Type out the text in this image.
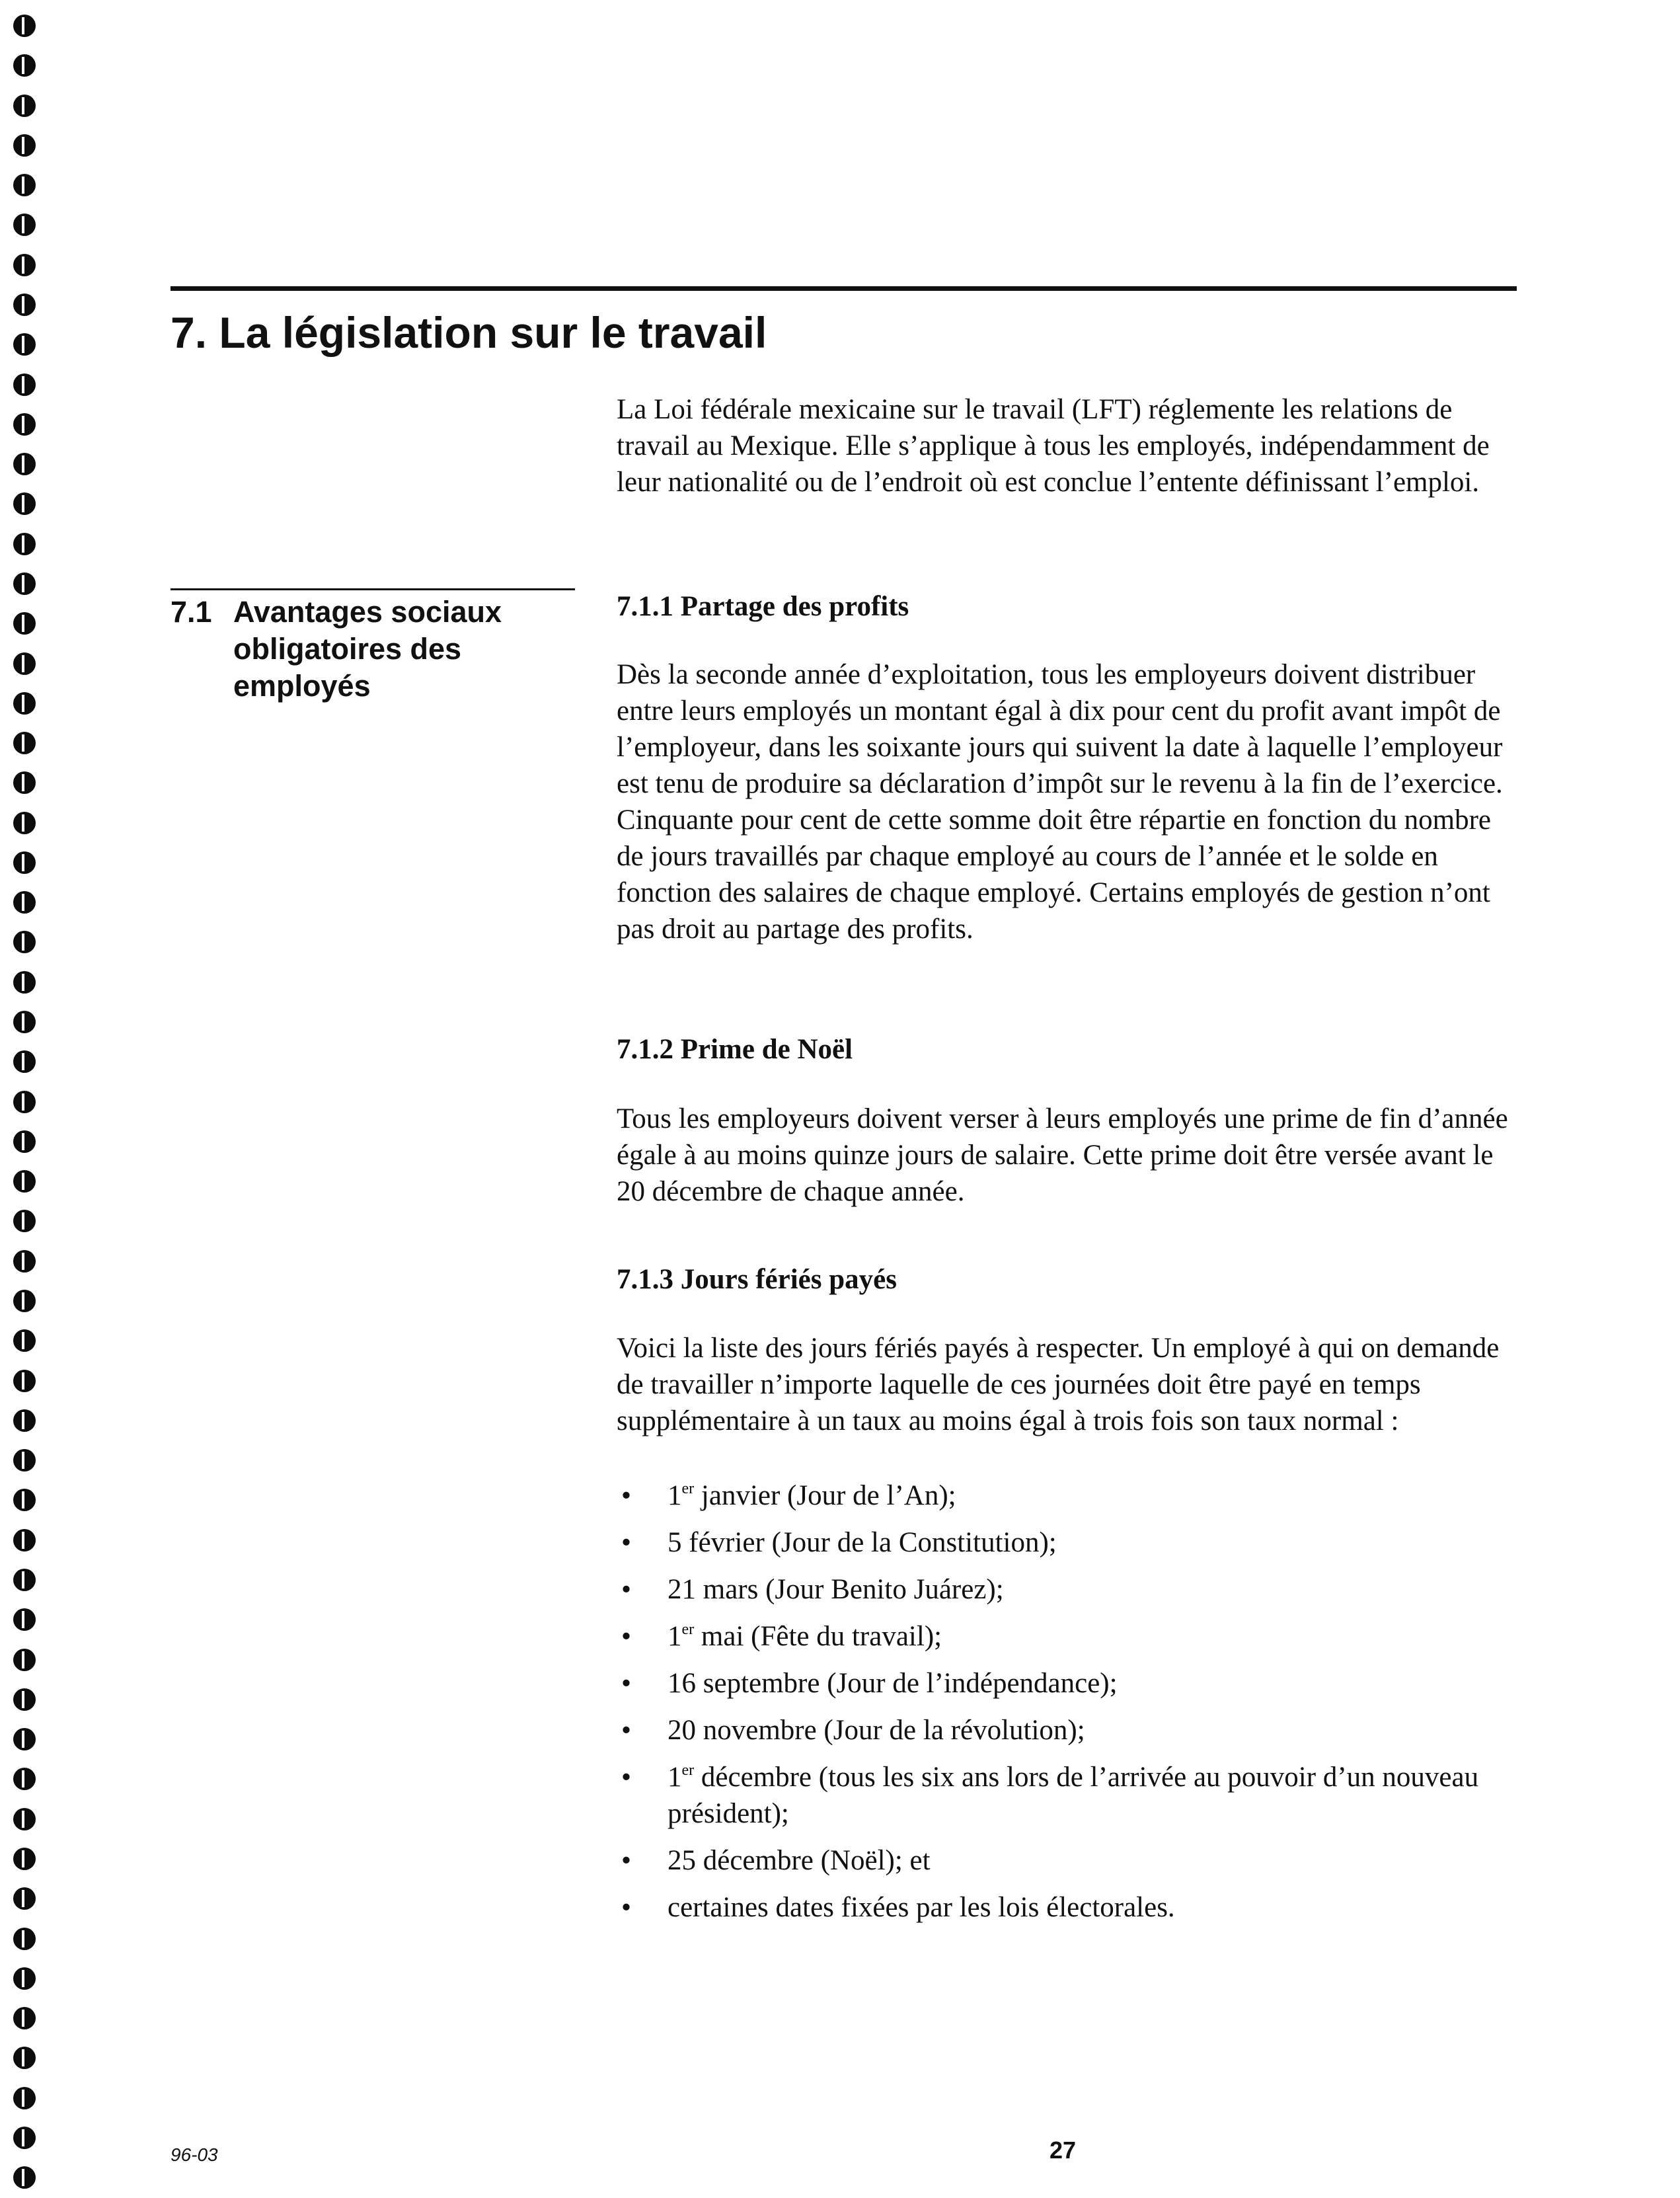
7. La législation sur le travail

La Loi fédérale mexicaine sur le travail (LFT) réglemente les relations de travail au Mexique. Elle s’applique à tous les employés, indépendamment de leur nationalité ou de l’endroit où est conclue l’entente définissant l’emploi.

7.1 Avantages sociaux obligatoires des employés
7.1.1 Partage des profits

Dès la seconde année d’exploitation, tous les employeurs doivent distribuer entre leurs employés un montant égal à dix pour cent du profit avant impôt de l’employeur, dans les soixante jours qui suivent la date à laquelle l’employeur est tenu de produire sa déclaration d’impôt sur le revenu à la fin de l’exercice. Cinquante pour cent de cette somme doit être répartie en fonction du nombre de jours travaillés par chaque employé au cours de l’année et le solde en fonction des salaires de chaque employé. Certains employés de gestion n’ont pas droit au partage des profits.

7.1.2 Prime de Noël

Tous les employeurs doivent verser à leurs employés une prime de fin d’année égale à au moins quinze jours de salaire. Cette prime doit être versée avant le 20 décembre de chaque année.

7.1.3 Jours fériés payés

Voici la liste des jours fériés payés à respecter. Un employé à qui on demande de travailler n’importe laquelle de ces journées doit être payé en temps supplémentaire à un taux au moins égal à trois fois son taux normal :

• 1er janvier (Jour de l’An);
• 5 février (Jour de la Constitution);
• 21 mars (Jour Benito Juárez);
• 1er mai (Fête du travail);
• 16 septembre (Jour de l’indépendance);
• 20 novembre (Jour de la révolution);
• 1er décembre (tous les six ans lors de l’arrivée au pouvoir d’un nouveau président);
• 25 décembre (Noël); et
• certaines dates fixées par les lois électorales.
96-03	27
